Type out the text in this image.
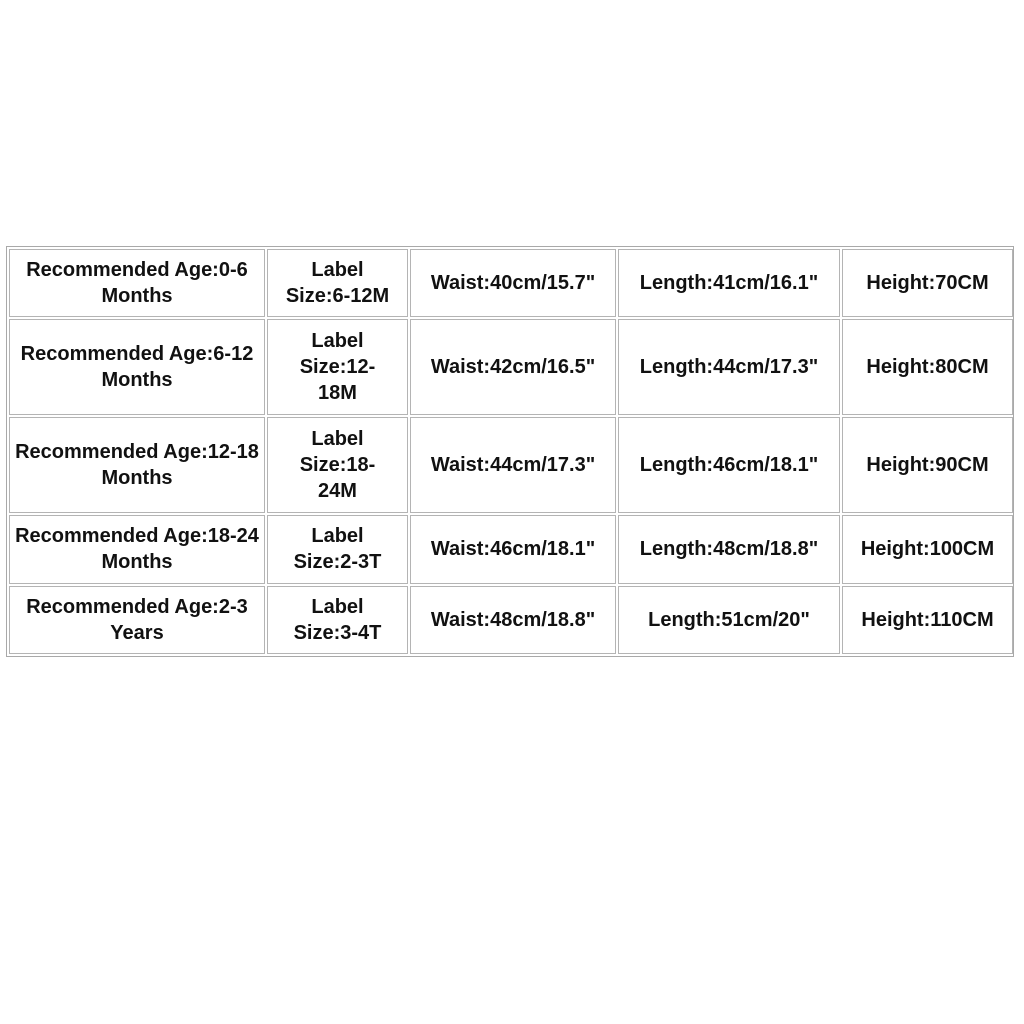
Recommended Age:0-6 Months	Label Size:6-12M	Waist:40cm/15.7"	Length:41cm/16.1"	Height:70CM
Recommended Age:6-12 Months	Label Size:12-18M	Waist:42cm/16.5"	Length:44cm/17.3"	Height:80CM
Recommended Age:12-18 Months	Label Size:18-24M	Waist:44cm/17.3"	Length:46cm/18.1"	Height:90CM
Recommended Age:18-24 Months	Label Size:2-3T	Waist:46cm/18.1"	Length:48cm/18.8"	Height:100CM
Recommended Age:2-3 Years	Label Size:3-4T	Waist:48cm/18.8"	Length:51cm/20"	Height:110CM
